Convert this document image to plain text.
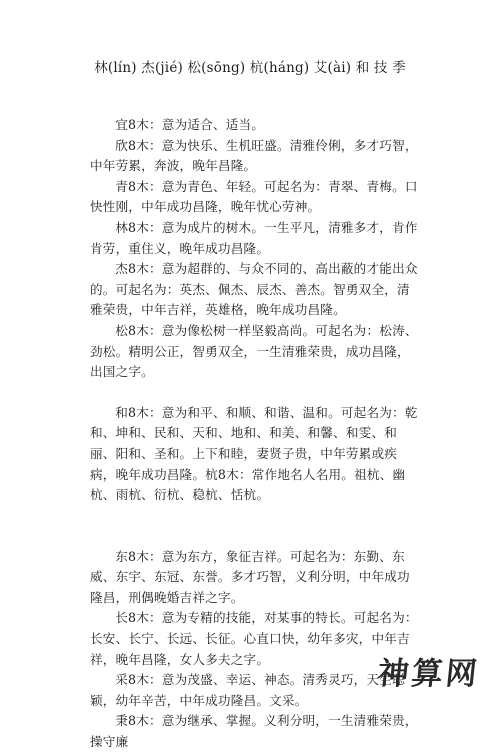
林(lín) 杰(jié) 松(sōng) 杭(háng) 艾(ài) 和 技 季

宜8木：意为适合、适当。

欣8木：意为快乐、生机旺盛。清雅伶俐，多才巧智，中年劳累，奔波，晚年昌隆。

青8木：意为青色、年轻。可起名为：青翠、青梅。口快性刚，中年成功昌隆，晚年忧心劳神。

林8木：意为成片的树木。一生平凡，清雅多才，肯作肯劳，重住义，晚年成功昌隆。

杰8木：意为超群的、与众不同的、高出蔽的才能出众的。可起名为：英杰、佩杰、辰杰、善杰。智勇双全，清雅荣贵，中年吉祥，英雄格，晚年成功昌隆。

松8木：意为像松树一样坚毅高尚。可起名为：松涛、劲松。精明公正，智勇双全，一生清雅荣贵，成功昌隆，出国之字。

和8木：意为和平、和顺、和谐、温和。可起名为：乾和、坤和、民和、天和、地和、和美、和馨、和雯、和丽、阳和、圣和。上下和睦，妻贤子贵，中年劳累或疾病，晚年成功昌隆。杭8木：常作地名人名用。祖杭、幽杭、雨杭、衍杭、稳杭、恬杭。

东8木：意为东方，象征吉祥。可起名为：东勤、东威、东宇、东冠、东誉。多才巧智，义利分明，中年成功隆昌，刑偶晚婚吉祥之字。

长8木：意为专精的技能，对某事的特长。可起名为：长安、长宁、长远、长征。心直口快，幼年多灾，中年吉祥，晚年昌隆，女人多夫之字。

采8木：意为茂盛、幸运、神态。清秀灵巧，天生聪颖，幼年辛苦，中年成功隆昌。文采。

秉8木：意为继承、掌握。义利分明，一生清雅荣贵，操守廉

神算网
